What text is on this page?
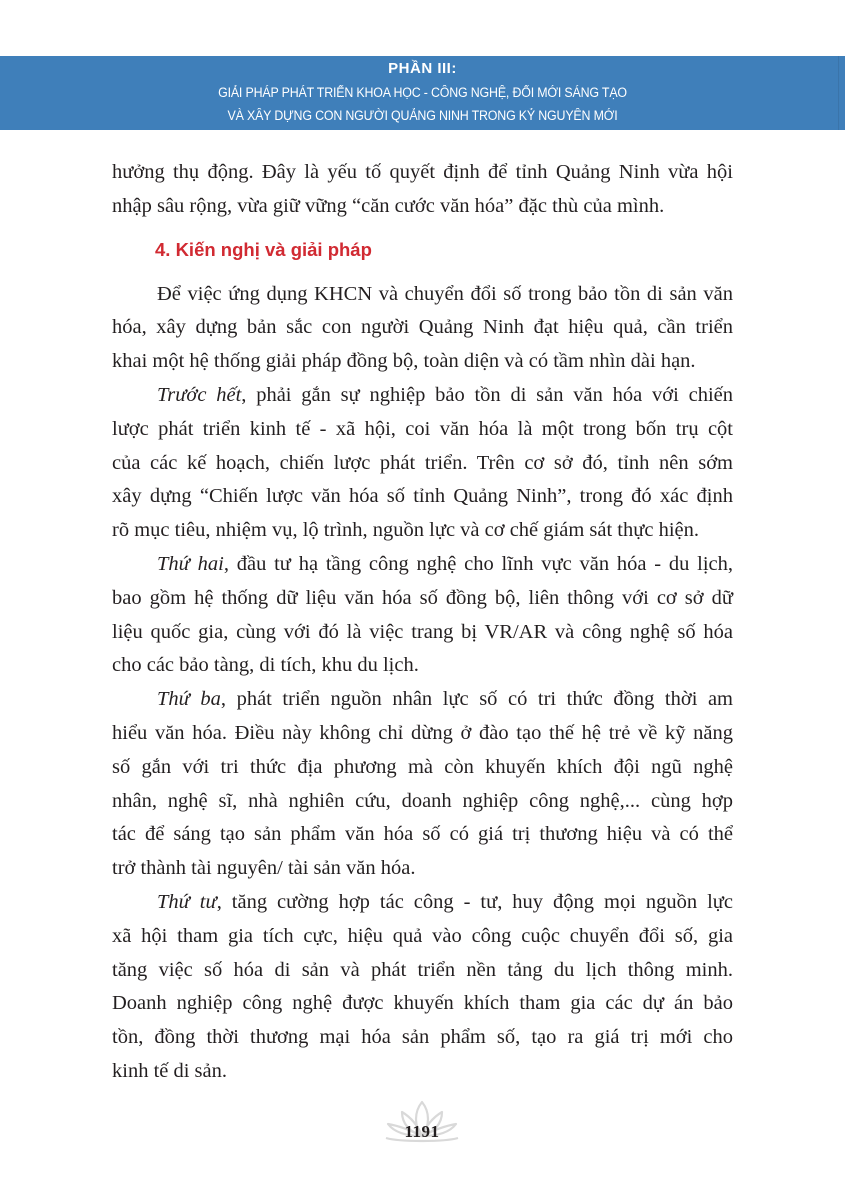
PHẦN III:
GIẢI PHÁP PHÁT TRIỂN KHOA HỌC - CÔNG NGHỆ, ĐỔI MỚI SÁNG TẠO
VÀ XÂY DỰNG CON NGƯỜI QUẢNG NINH TRONG KỶ NGUYÊN MỚI
hưởng thụ động. Đây là yếu tố quyết định để tỉnh Quảng Ninh vừa hội
nhập sâu rộng, vừa giữ vững “căn cước văn hóa” đặc thù của mình.
4. Kiến nghị và giải pháp
Để việc ứng dụng KHCN và chuyển đổi số trong bảo tồn di sản văn
hóa, xây dựng bản sắc con người Quảng Ninh đạt hiệu quả, cần triển
khai một hệ thống giải pháp đồng bộ, toàn diện và có tầm nhìn dài hạn.
Trước hết, phải gắn sự nghiệp bảo tồn di sản văn hóa với chiến
lược phát triển kinh tế - xã hội, coi văn hóa là một trong bốn trụ cột
của các kế hoạch, chiến lược phát triển. Trên cơ sở đó, tỉnh nên sớm
xây dựng “Chiến lược văn hóa số tỉnh Quảng Ninh”, trong đó xác định
rõ mục tiêu, nhiệm vụ, lộ trình, nguồn lực và cơ chế giám sát thực hiện.
Thứ hai, đầu tư hạ tầng công nghệ cho lĩnh vực văn hóa - du lịch,
bao gồm hệ thống dữ liệu văn hóa số đồng bộ, liên thông với cơ sở dữ
liệu quốc gia, cùng với đó là việc trang bị VR/AR và công nghệ số hóa
cho các bảo tàng, di tích, khu du lịch.
Thứ ba, phát triển nguồn nhân lực số có tri thức đồng thời am
hiểu văn hóa. Điều này không chỉ dừng ở đào tạo thế hệ trẻ về kỹ năng
số gắn với tri thức địa phương mà còn khuyến khích đội ngũ nghệ
nhân, nghệ sĩ, nhà nghiên cứu, doanh nghiệp công nghệ,... cùng hợp
tác để sáng tạo sản phẩm văn hóa số có giá trị thương hiệu và có thể
trở thành tài nguyên/ tài sản văn hóa.
Thứ tư, tăng cường hợp tác công - tư, huy động mọi nguồn lực
xã hội tham gia tích cực, hiệu quả vào công cuộc chuyển đổi số, gia
tăng việc số hóa di sản và phát triển nền tảng du lịch thông minh.
Doanh nghiệp công nghệ được khuyến khích tham gia các dự án bảo
tồn, đồng thời thương mại hóa sản phẩm số, tạo ra giá trị mới cho
kinh tế di sản.
1191
